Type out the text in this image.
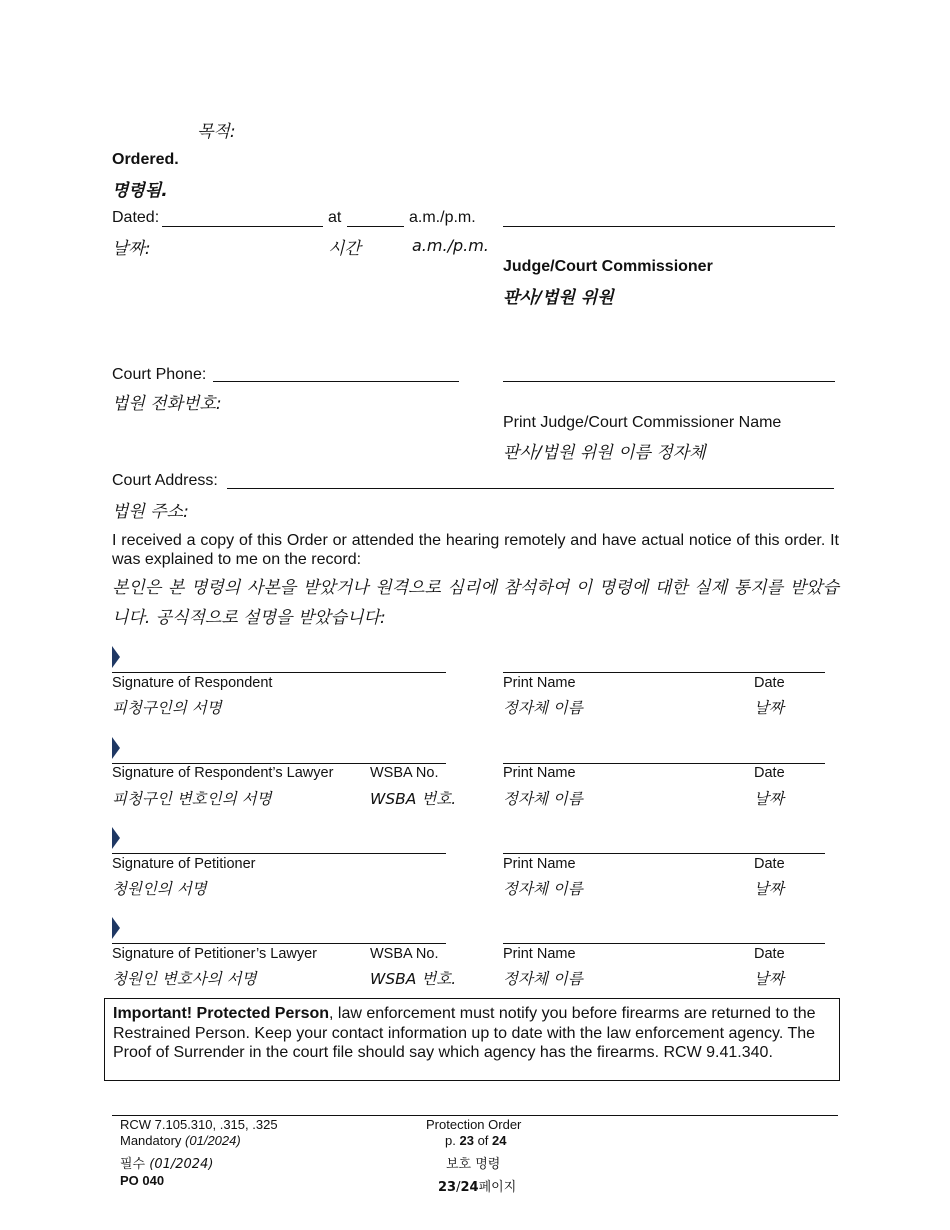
목적:
Ordered.
명령됨.
Dated:	at	a.m./p.m.
날짜:	시간	a.m./p.m.
Judge/Court Commissioner
판사/법원 위원
Court Phone:
법원 전화번호:
Print Judge/Court Commissioner Name
판사/법원 위원 이름 정자체
Court Address:
법원 주소:
I received a copy of this Order or attended the hearing remotely and have actual notice of this order. It was explained to me on the record:
본인은 본 명령의 사본을 받았거나 원격으로 심리에 참석하여 이 명령에 대한 실제 통지를 받았습니다. 공식적으로 설명을 받았습니다:
Signature of Respondent	Print Name	Date
피청구인의 서명	정자체 이름	날짜
Signature of Respondent’s Lawyer	WSBA No.	Print Name	Date
피청구인 변호인의 서명	WSBA 번호.	정자체 이름	날짜
Signature of Petitioner	Print Name	Date
청원인의 서명	정자체 이름	날짜
Signature of Petitioner’s Lawyer	WSBA No.	Print Name	Date
청원인 변호사의 서명	WSBA 번호.	정자체 이름	날짜
Important! Protected Person, law enforcement must notify you before firearms are returned to the Restrained Person. Keep your contact information up to date with the law enforcement agency. The Proof of Surrender in the court file should say which agency has the firearms. RCW 9.41.340.
RCW 7.105.310, .315, .325
Mandatory (01/2024)
필수 (01/2024)
PO 040
Protection Order
p. 23 of 24
보호 명령
23/24페이지
